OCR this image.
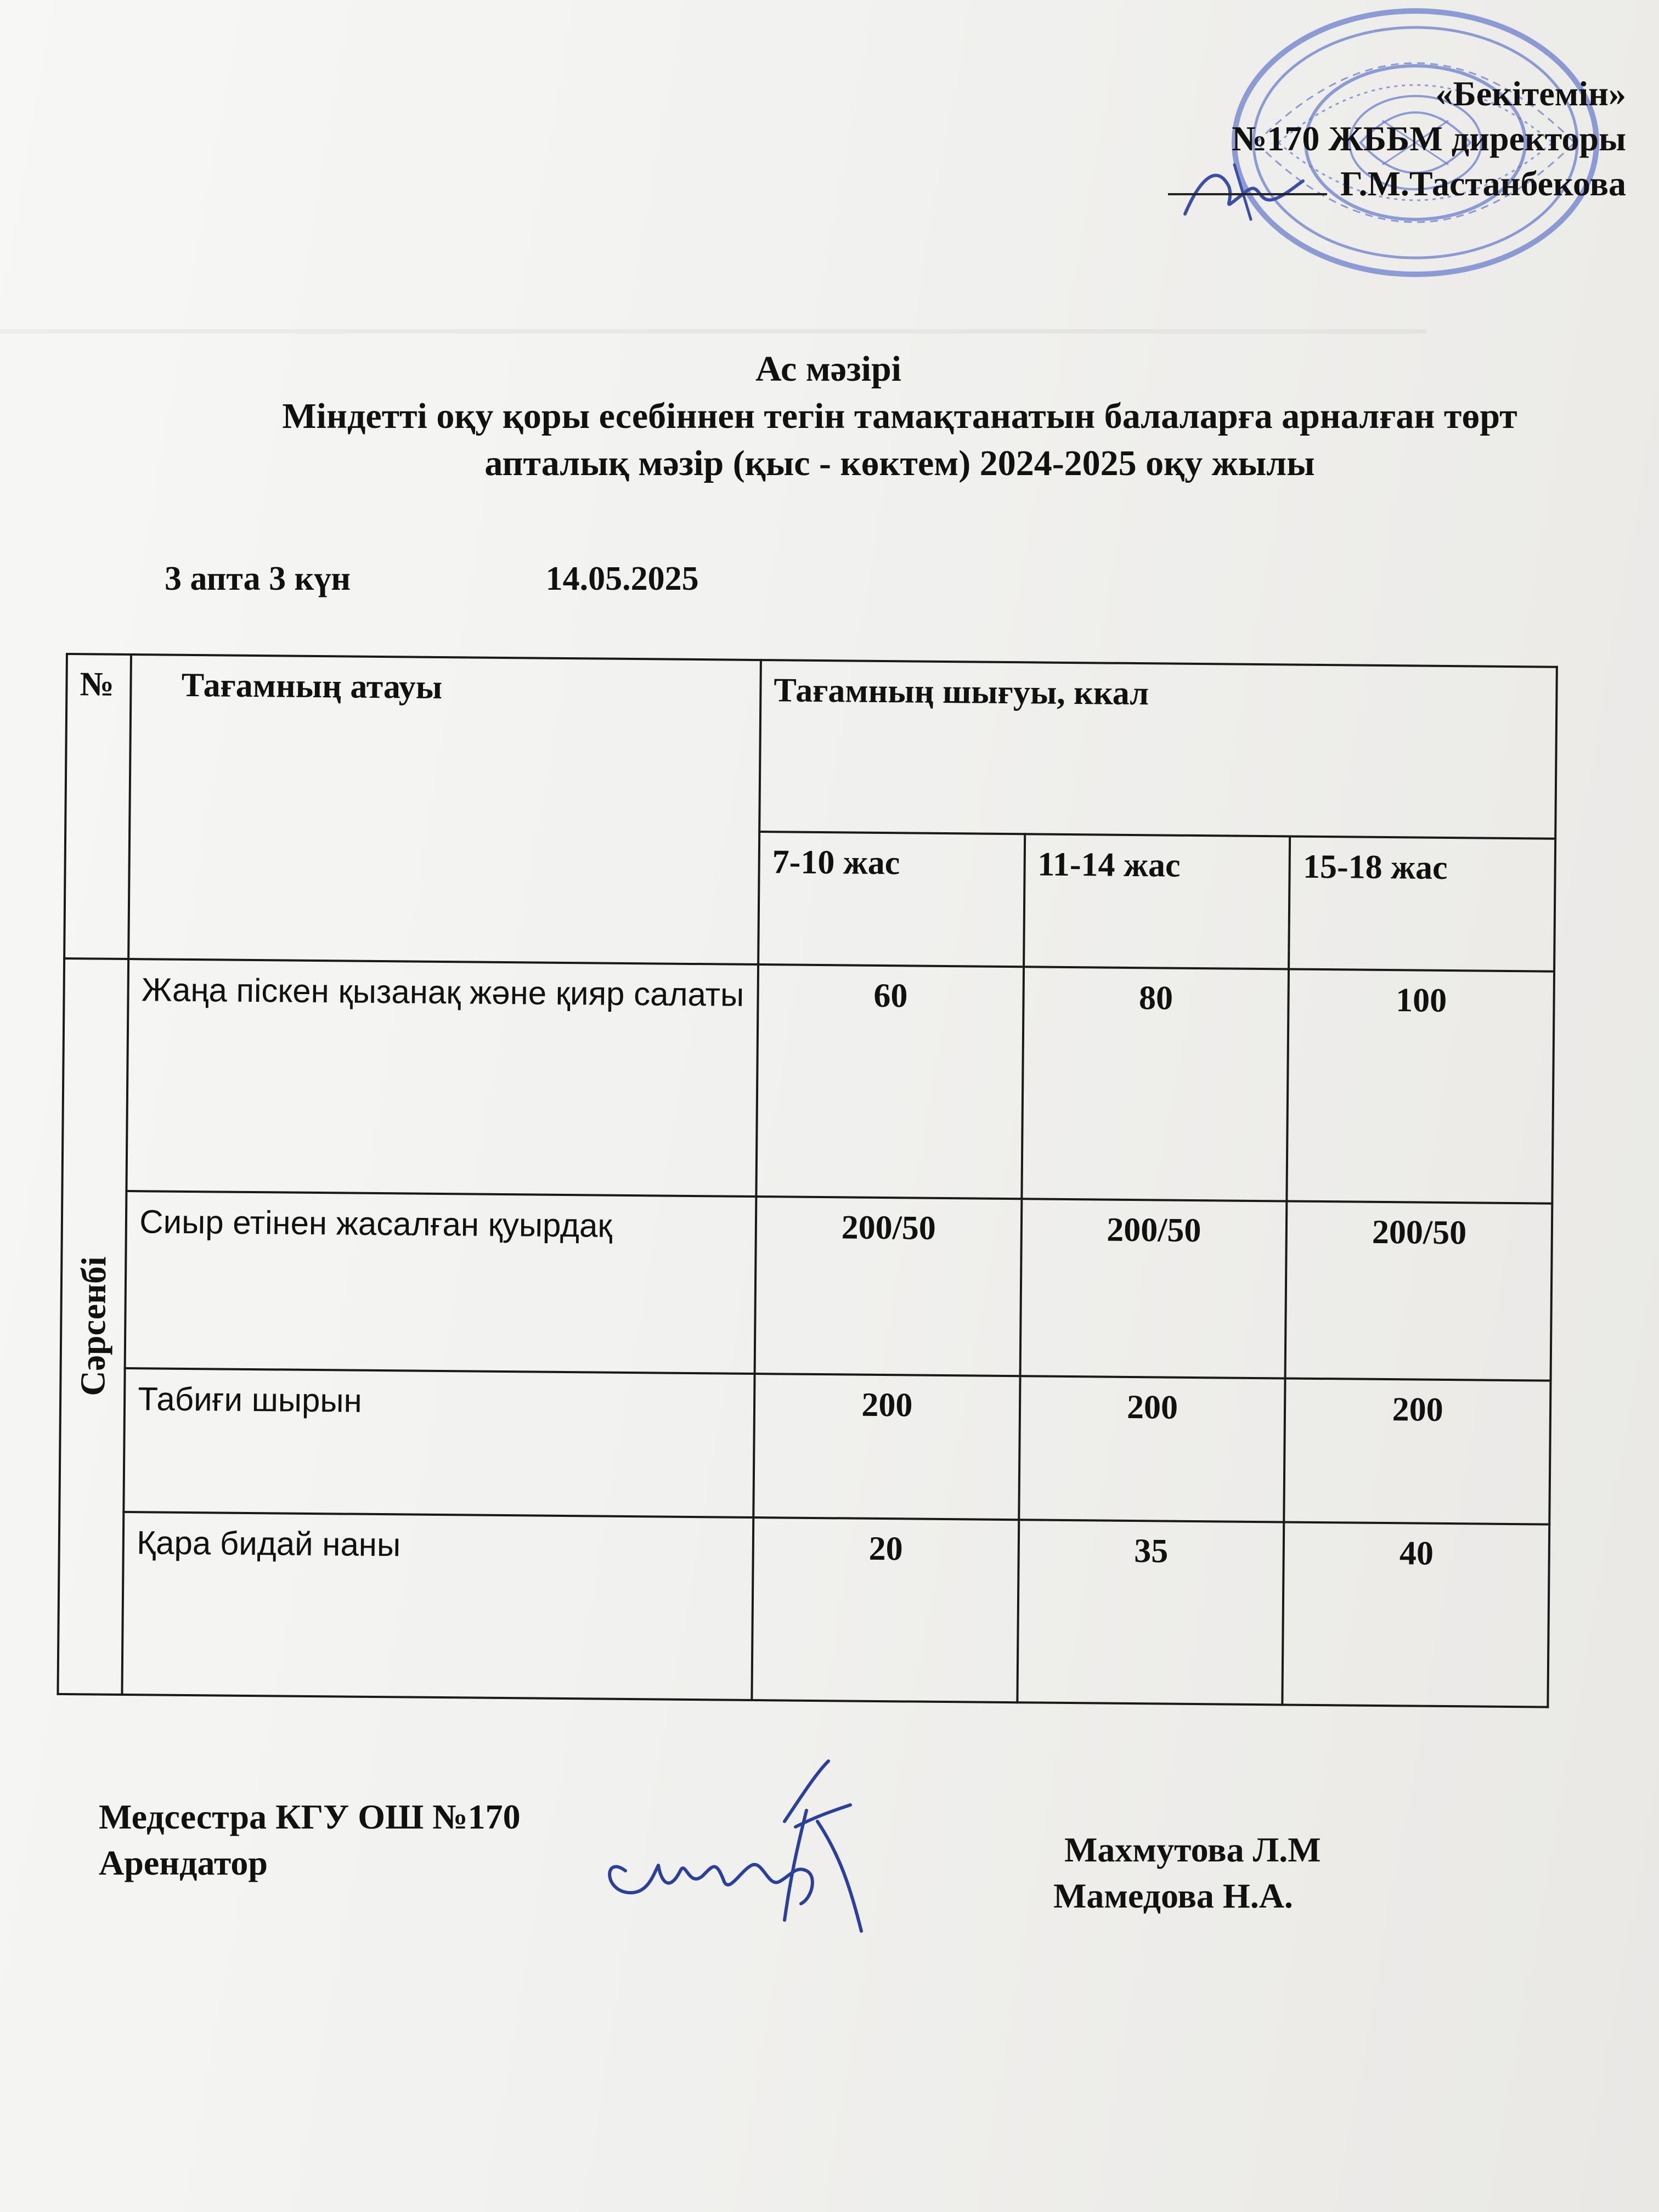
«Бекітемін»
№170 ЖББМ директоры
Г.М.Тастанбекова
Ас мәзірі
Міндетті оқу қоры есебіннен тегін тамақтанатын балаларға арналған төрт
апталық мәзір (қыс - көктем) 2024-2025 оқу жылы
3 апта 3 күн	14.05.2025
№	Тағамның атауы	Тағамның шығуы, ккал		
		7-10 жас	11-14 жас	15-18 жас

Сәрсенбі	Жаңа піскен қызанақ және қияр салаты	60	80	100
	Сиыр етінен жасалған қуырдақ	200/50	200/50	200/50
	Табиғи шырын	200	200	200
	Қара бидай наны	20	35	40
Медсестра КГУ ОШ №170
Арендатор	Махмутова Л.М
Мамедова Н.А.
